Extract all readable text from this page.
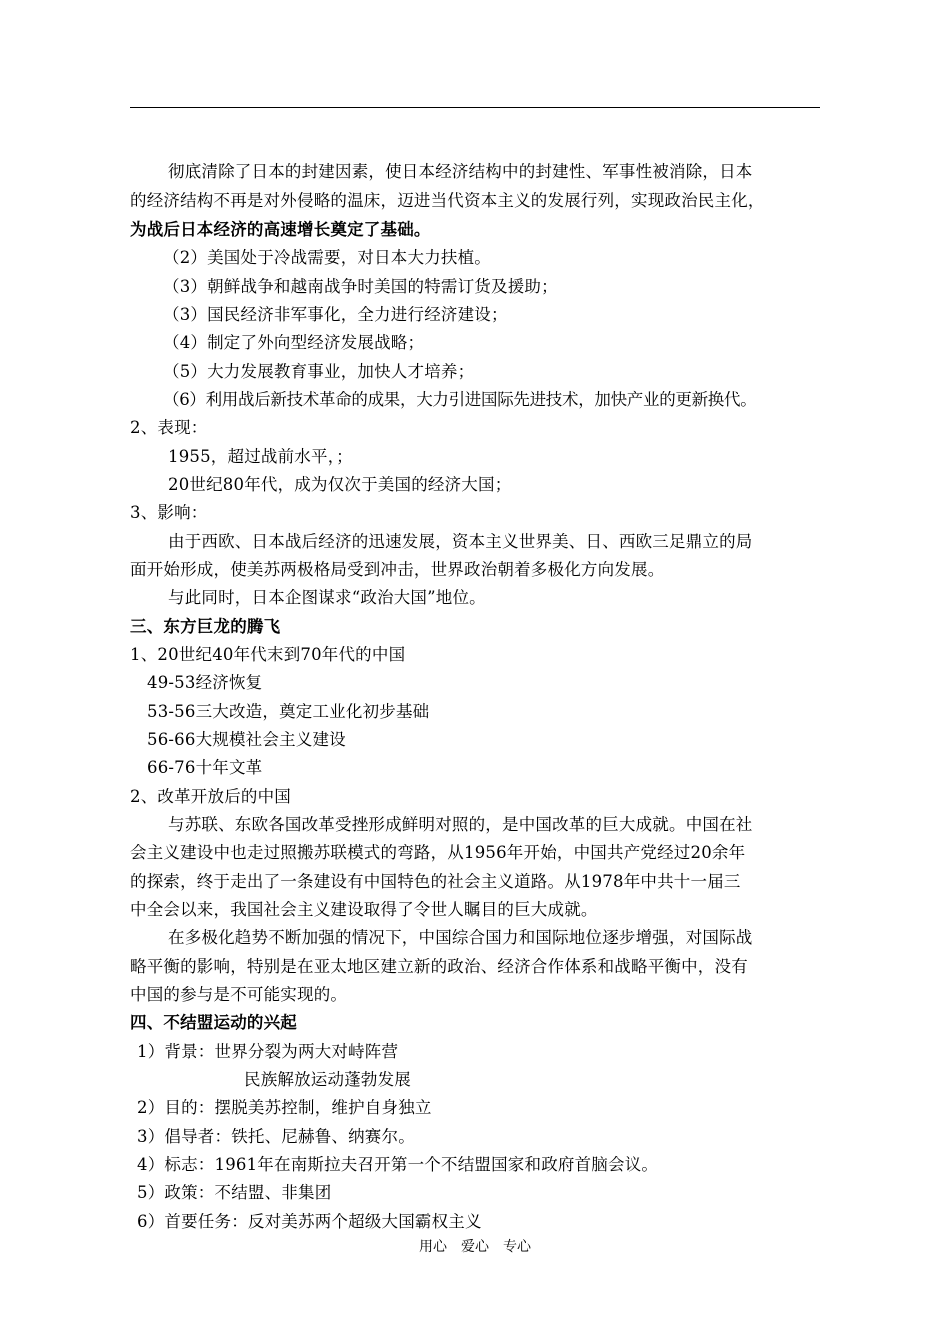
彻底清除了日本的封建因素，使日本经济结构中的封建性、军事性被消除，日本
的经济结构不再是对外侵略的温床，迈进当代资本主义的发展行列，实现政治民主化，
为战后日本经济的高速增长奠定了基础。
（2）美国处于冷战需要，对日本大力扶植。
（3）朝鲜战争和越南战争时美国的特需订货及援助；
（3）国民经济非军事化，全力进行经济建设；
（4）制定了外向型经济发展战略；
（5）大力发展教育事业，加快人才培养；
（6）利用战后新技术革命的成果，大力引进国际先进技术，加快产业的更新换代。
2、表现：
1955，超过战前水平，；
20世纪80年代，成为仅次于美国的经济大国；
3、影响：
由于西欧、日本战后经济的迅速发展，资本主义世界美、日、西欧三足鼎立的局
面开始形成，使美苏两极格局受到冲击，世界政治朝着多极化方向发展。
与此同时，日本企图谋求“政治大国”地位。
三、东方巨龙的腾飞
1、20世纪40年代末到70年代的中国
49-53经济恢复
53-56三大改造，奠定工业化初步基础
56-66大规模社会主义建设
66-76十年文革
2、改革开放后的中国
与苏联、东欧各国改革受挫形成鲜明对照的，是中国改革的巨大成就。中国在社
会主义建设中也走过照搬苏联模式的弯路，从1956年开始，中国共产党经过20余年
的探索，终于走出了一条建设有中国特色的社会主义道路。从1978年中共十一届三
中全会以来，我国社会主义建设取得了令世人瞩目的巨大成就。
在多极化趋势不断加强的情况下，中国综合国力和国际地位逐步增强，对国际战
略平衡的影响，特别是在亚太地区建立新的政治、经济合作体系和战略平衡中，没有
中国的参与是不可能实现的。
四、不结盟运动的兴起
1）背景：世界分裂为两大对峙阵营
民族解放运动蓬勃发展
2）目的：摆脱美苏控制，维护自身独立
3）倡导者：铁托、尼赫鲁、纳赛尔。
4）标志：1961年在南斯拉夫召开第一个不结盟国家和政府首脑会议。
5）政策：不结盟、非集团
6）首要任务：反对美苏两个超级大国霸权主义
用心　爱心　专心
